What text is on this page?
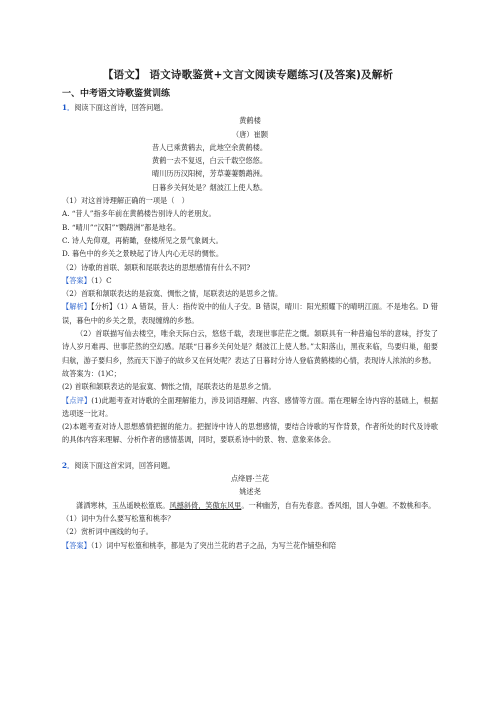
【语文】 语文诗歌鉴赏+文言文阅读专题练习(及答案)及解析
一、中考语文诗歌鉴赏训练
1．阅读下面这首诗，回答问题。
黄鹤楼
（唐）崔颢
昔人已乘黄鹤去，此地空余黄鹤楼。
黄鹤一去不复返，白云千载空悠悠。
晴川历历汉阳树，芳草萋萋鹦鹉洲。
日暮乡关何处是？烟波江上使人愁。
（1）对这首诗理解正确的一项是（　）
A. “昔人”指多年前在黄鹤楼告别诗人的老朋友。
B. “晴川”“汉阳”“鹦鹉洲”都是地名。
C. 诗人先仰观，再俯瞰，登楼所见之景气象阔大。
D. 暮色中的乡关之景映起了诗人内心无尽的惆怅。
（2）诗歌的首联、颔联和尾联表达的思想感情有什么不同?
【答案】（1）C
（2）首联和颔联表达的是寂寞、惆怅之情，尾联表达的是思乡之情。
【解析】【分析】（1）A 错误，昔人：指传说中的仙人子安。B 错误，晴川：阳光照耀下的晴明江面。不是地名。D 错误，暮色中的乡关之景，表现缠绵的乡愁。
（2）首联描写仙去楼空，唯余天际白云，悠悠千载，表现世事茫茫之慨。颔联具有一种普遍包举的意味，抒发了诗人岁月难再、世事茫然的空幻感。尾联“日暮乡关何处是？烟波江上使人愁。”太阳落山，黑夜来临，鸟要归巢，船要归航，游子要归乡，然而天下游子的故乡又在何处呢？表达了日暮时分诗人登临黄鹤楼的心情，表现诗人浓浓的乡愁。
故答案为：(1)C；
(2) 首联和颔联表达的是寂寞、惆怅之情，尾联表达的是思乡之情。
【点评】(1)此题考查对诗歌的全面理解能力，涉及词语理解、内容、感情等方面。需在理解全诗内容的基础上，根据选项逐一比对。
(2)本题考查对诗人思想感情把握的能力。把握诗中诗人的思想感情，要结合诗歌的写作背景，作者所处的时代及诗歌的具体内容来理解、分析作者的感情基调，同时，要联系诗中的景、物、意象来体会。
2．阅读下面这首宋词，回答问题。
点绛唇·兰花
姚述尧
潇洒寒林，玉丛遥映松篁底。风撼斜倚，笑傲东风里。一种幽芳，自有先春意。香风细，国人争媚。不数桃和李。
（1）词中为什么要写松篁和桃李？
（2）赏析词中画线的句子。
【答案】（1）词中写松篁和桃李，都是为了突出兰花的君子之品，为写兰花作铺垫和陪
